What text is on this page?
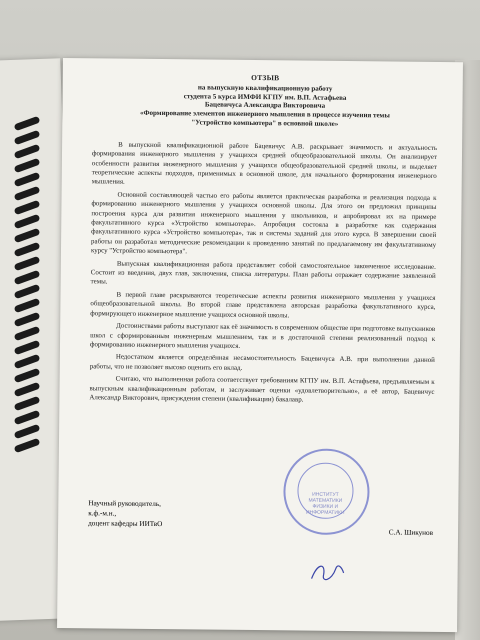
ОТЗЫВ
на выпускную квалификационную работу
студента 5 курса ИМФИ КГПУ им. В.П. Астафьева
Бацевичуса Александра Викторовича
«Формирование элементов инженерного мышления в процессе изучения темы
"Устройство компьютера" в основной школе»

В выпускной квалификационной работе Бацевичус А.В. раскрывает значимость и актуальность формирования инженерного мышления у учащихся средней общеобразовательной школы. Он анализирует особенности развития инженерного мышления у учащихся общеобразовательной средней школы, и выделяет теоретические аспекты подходов, применимых в основной школе, для начального формирования инженерного мышления.

Основной составляющей частью его работы является практическая разработка и реализация подхода к формированию инженерного мышления у учащихся основной школы. Для этого он предложил принципы построения курса для развития инженерного мышления у школьников, и апробировал их на примере факультативного курса «Устройство компьютера». Апробация состояла в разработке как содержания факультативного курса «Устройство компьютера», так и системы заданий для этого курса. В завершении своей работы он разработал методические рекомендации к проведению занятий по предлагаемому им факультативному курсу "Устройство компьютера".

Выпускная квалификационная работа представляет собой самостоятельное законченное исследование. Состоит из введения, двух глав, заключения, списка литературы. План работы отражает содержание заявленной темы.

В первой главе раскрываются теоретические аспекты развития инженерного мышления у учащихся общеобразовательной школы. Во второй главе представлена авторская разработка факультативного курса, формирующего инженерное мышление учащихся основной школы.

Достоинствами работы выступают как её значимость в современном обществе при подготовке выпускников школ с сформированным инженерным мышлением, так и в достаточной степени реализованный подход к формированию инженерного мышления учащихся.

Недостатком является определённая несамостоятельность Бацевичуса А.В. при выполнении данной работы, что не позволяет высоко оценить его вклад.

Считаю, что выполненная работа соответствует требованиям КГПУ им. В.П. Астафьева, предъявляемым к выпускным квалификационным работам, и заслуживает оценки «удовлетворительно», а её автор, Бацевичус Александр Викторович, присуждения степени (квалификации) бакалавр.

ИНСТИТУТ МАТЕМАТИКИ ФИЗИКИ И ИНФОРМАТИКИ
Научный руководитель,
к.ф.-м.н.,
доцент кафедры ИИТвО
С.А. Шикунов
